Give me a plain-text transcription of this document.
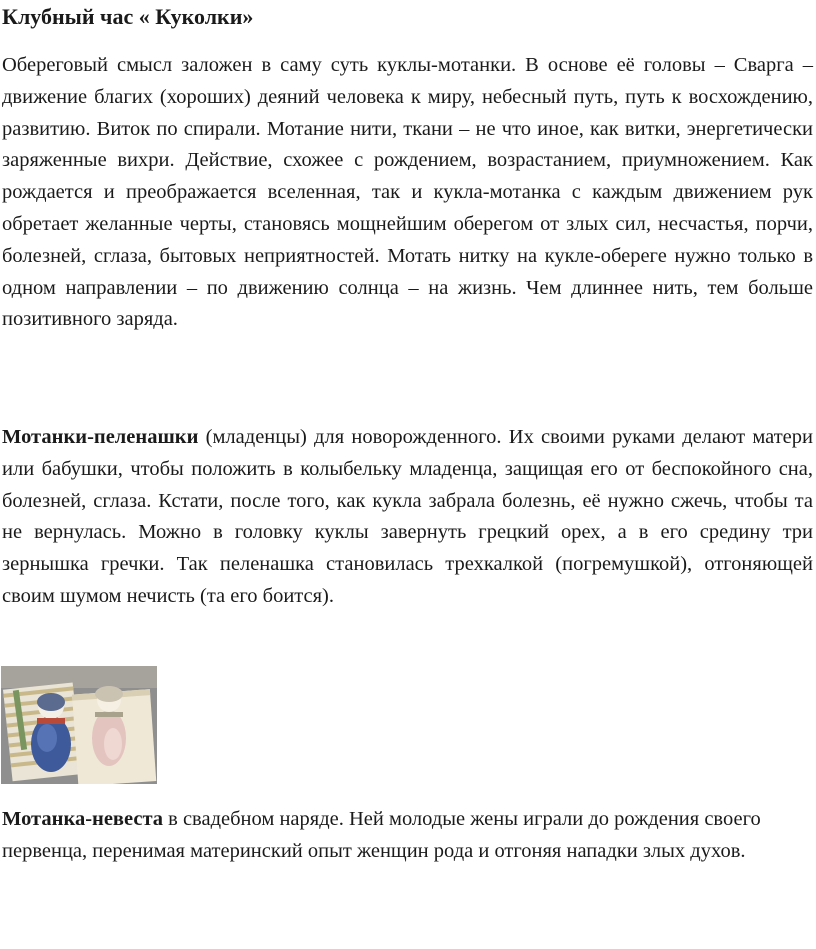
Клубный час « Куколки»

Обереговый смысл заложен в саму суть куклы-мотанки. В основе её головы – Сварга – движение благих (хороших) деяний человека к миру, небесный путь, путь к восхождению, развитию. Виток по спирали. Мотание нити, ткани – не что иное, как витки, энергетически заряженные вихри. Действие, схожее с рождением, возрастанием, приумножением. Как рождается и преображается вселенная, так и кукла-мотанка с каждым движением рук обретает желанные черты, становясь мощнейшим оберегом от злых сил, несчастья, порчи, болезней, сглаза, бытовых неприятностей. Мотать нитку на кукле-обереге нужно только в одном направлении – по движению солнца – на жизнь. Чем длиннее нить, тем больше позитивного заряда.

Мотанки-пеленашки (младенцы) для новорожденного. Их своими руками делают матери или бабушки, чтобы положить в колыбельку младенца, защищая его от беспокойного сна, болезней, сглаза. Кстати, после того, как кукла забрала болезнь, её нужно сжечь, чтобы та не вернулась. Можно в головку куклы завернуть грецкий орех, а в его средину три зернышка гречки. Так пеленашка становилась трехкалкой (погремушкой), отгоняющей своим шумом нечисть (та его боится).

Мотанка-невеста в свадебном наряде. Ней молодые жены играли до рождения своего первенца, перенимая материнский опыт женщин рода и отгоняя нападки злых духов.
